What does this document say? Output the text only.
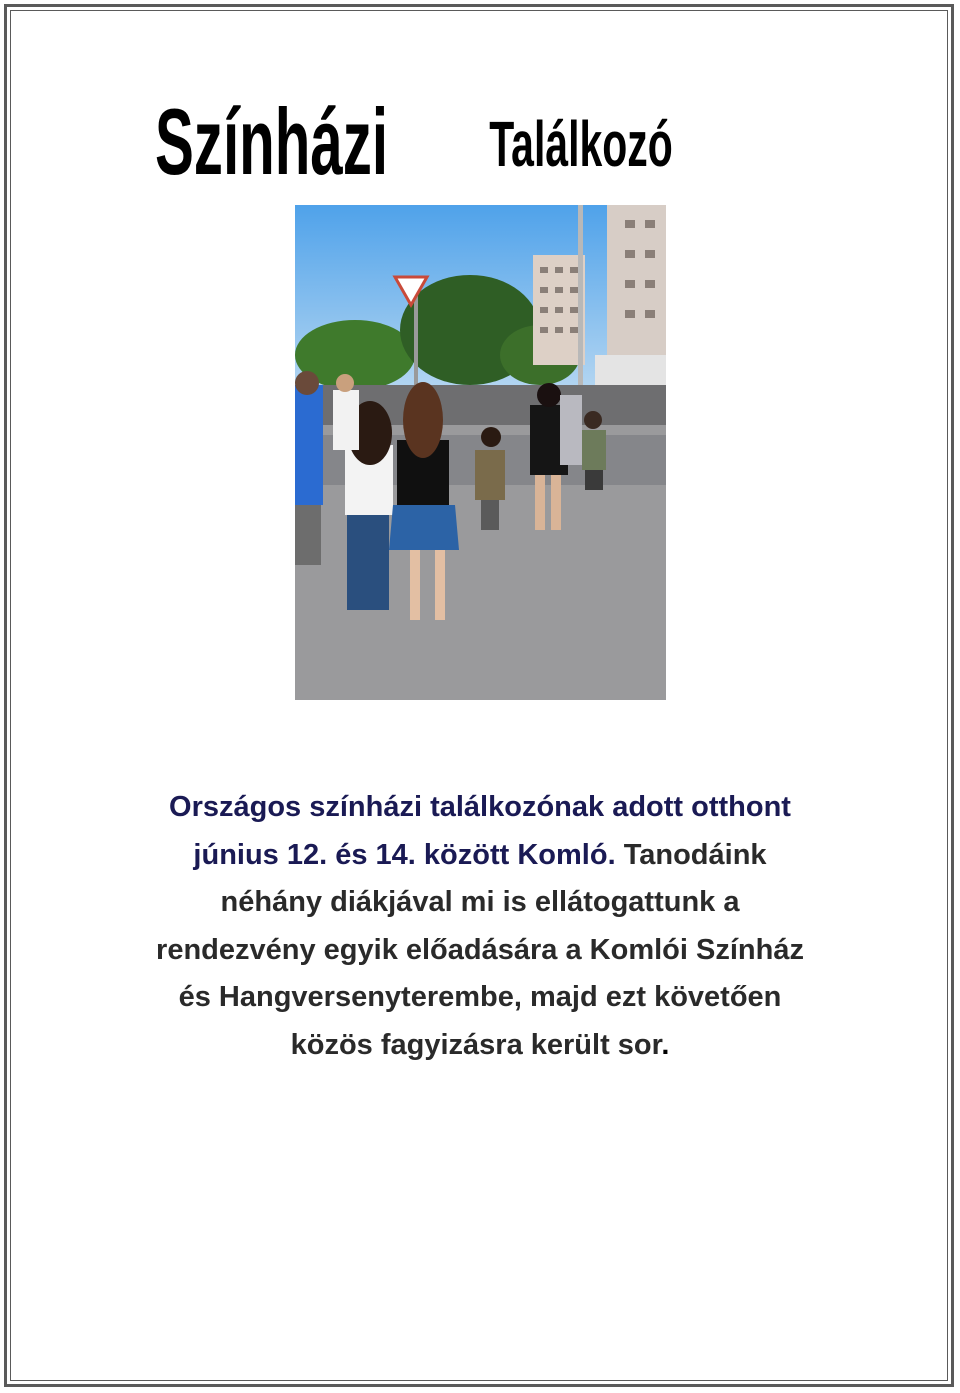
Színházi Találkozó
Országos színházi találkozónak adott otthont
június 12. és 14. között Komló. Tanodáink
néhány diákjával mi is ellátogattunk a
rendezvény egyik előadására a Komlói Színház
és Hangversenyterembe, majd ezt követően
közös fagyizásra került sor.
